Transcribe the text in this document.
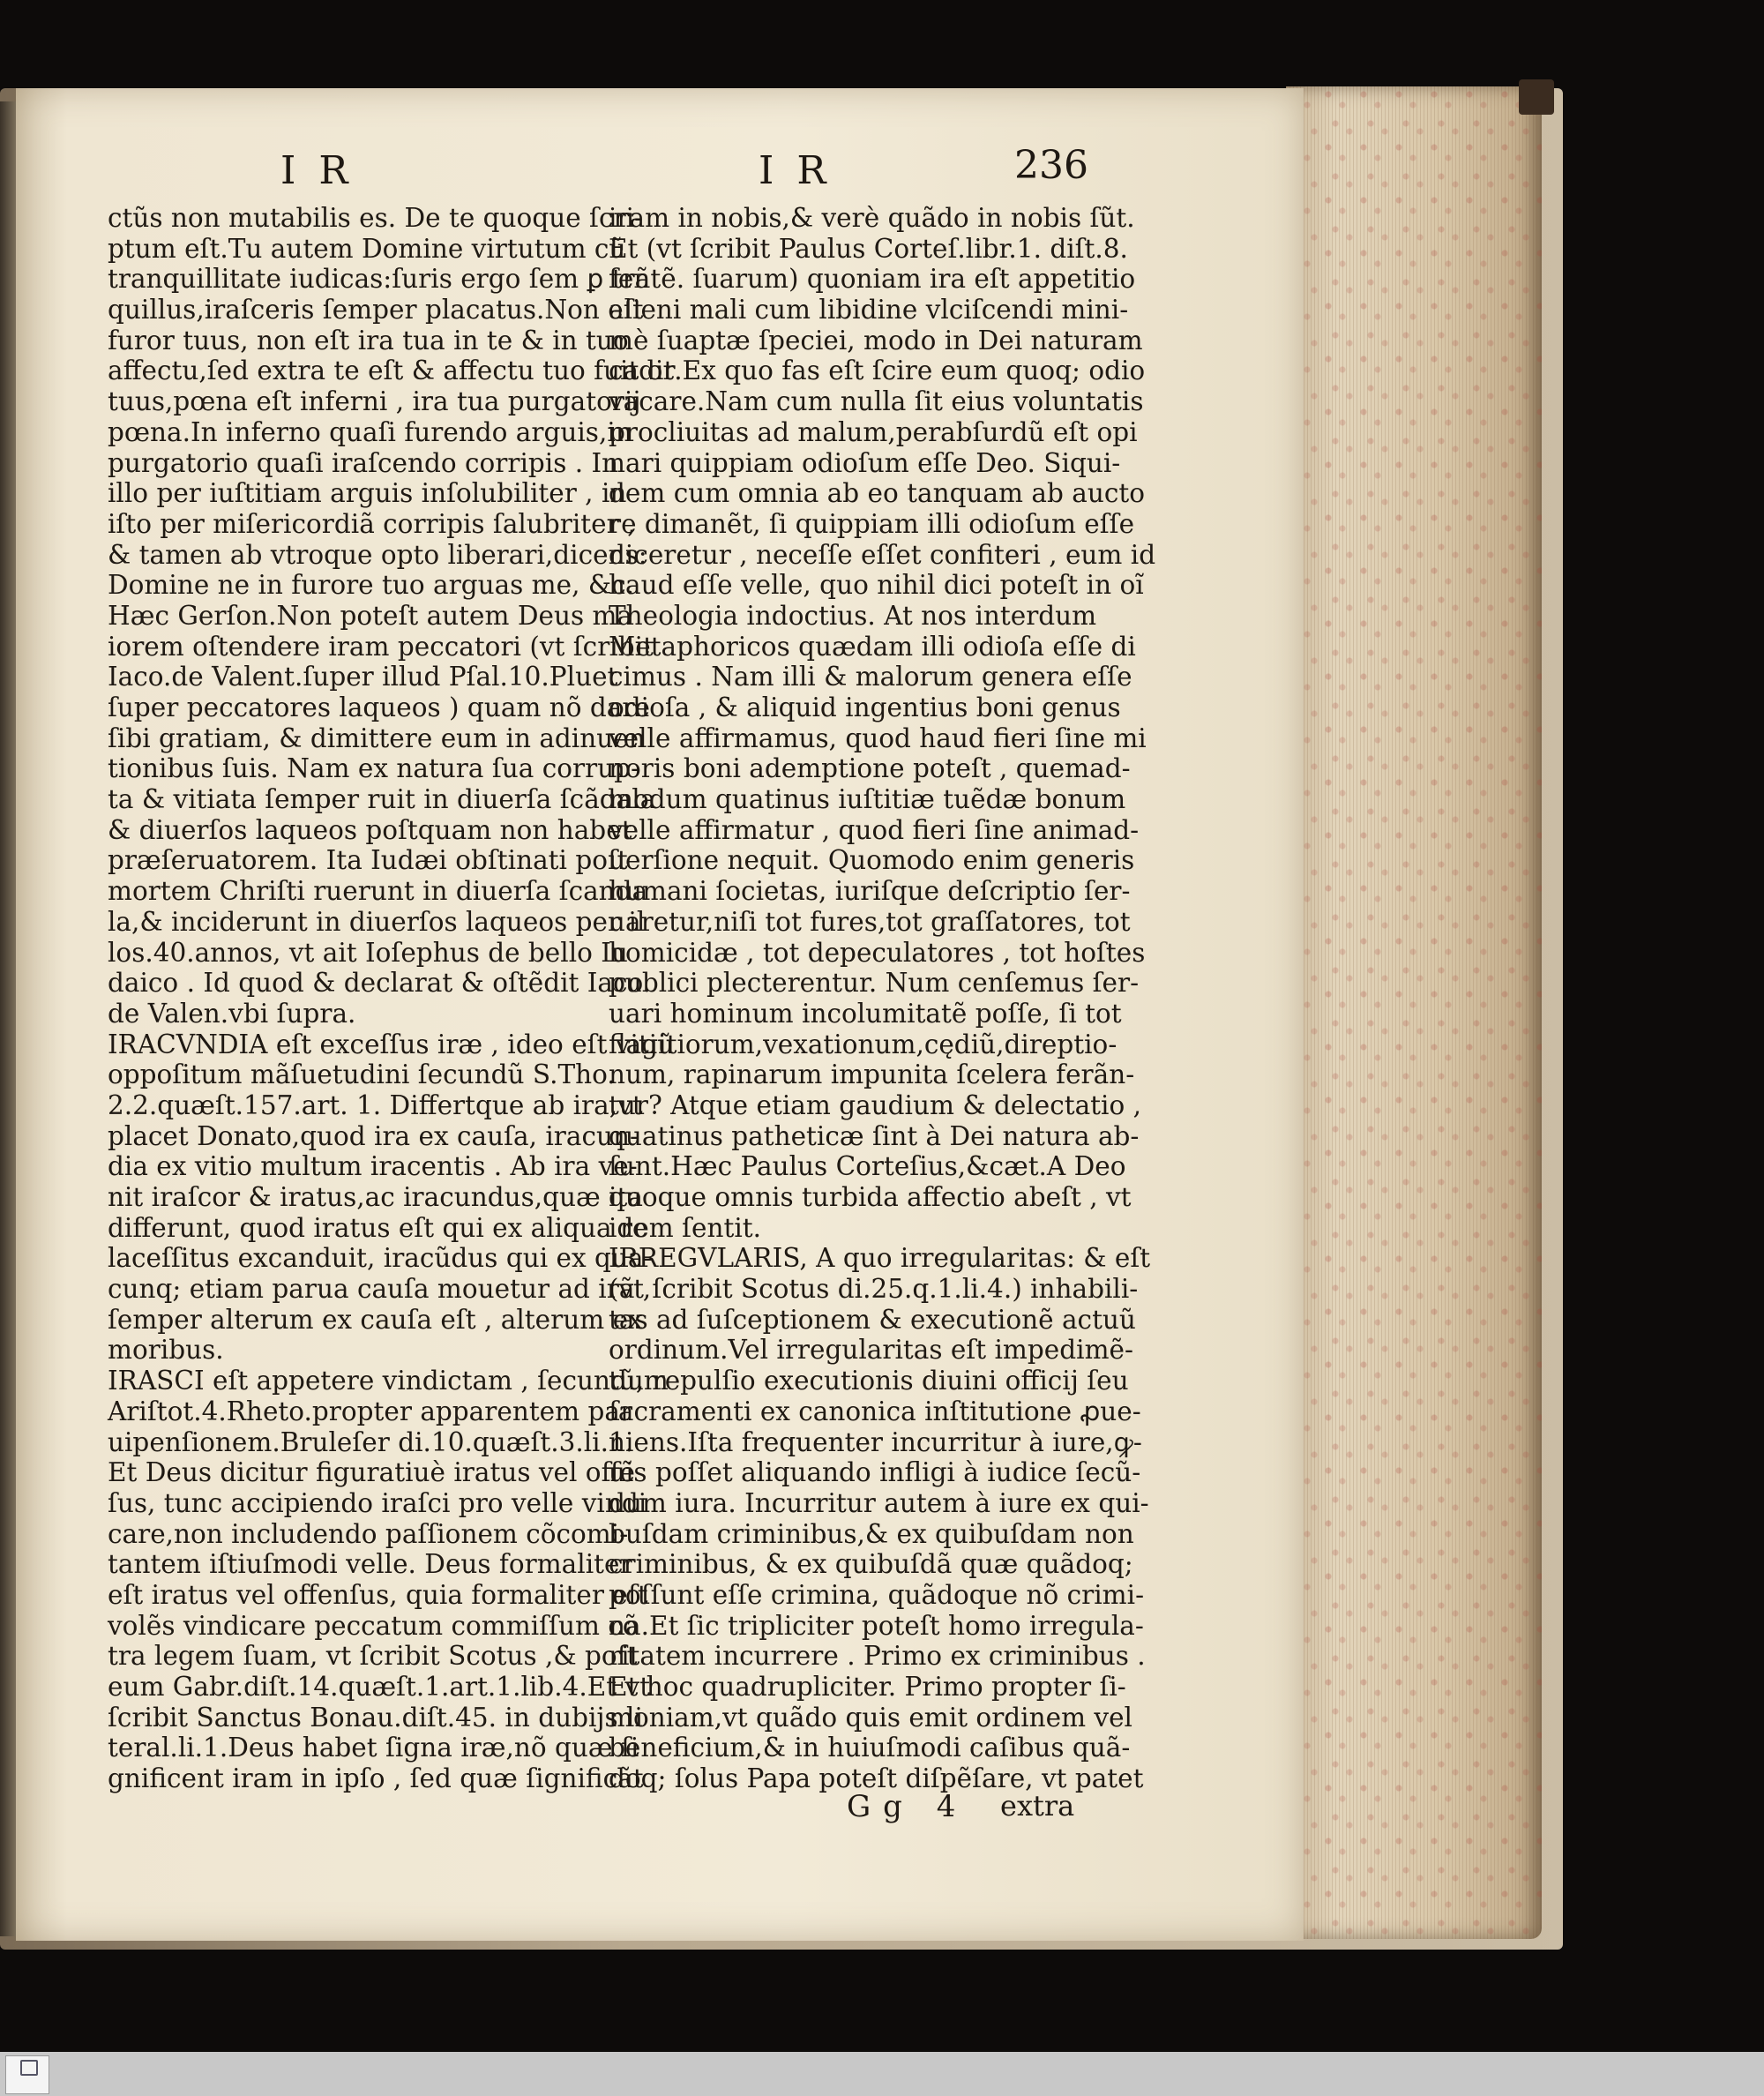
I R	I R	236
ctũs non mutabilis es. De te quoque ſcri-
ptum eſt.Tu autem Domine virtutum cũ
tranquillitate iudicas:ſuris ergo ſem ꝑ trã
quillus,iraſceris ſemper placatus.Non eſt
furor tuus, non eſt ira tua in te & in tuo
affectu,ſed extra te eſt & affectu tuo fuit or
tuus,pœna eſt inferni , ira tua purgatorij
pœna.In inferno quaſi furendo arguis,in
purgatorio quaſi iraſcendo corripis . In
illo per iuſtitiam arguis inſolubiliter , in
iſto per miſericordiã corripis ſalubriter ,
& tamen ab vtroque opto liberari,dicens:
Domine ne in furore tuo arguas me, &c.
Hæc Gerſon.Non poteſt autem Deus ma
iorem oſtendere iram peccatori (vt ſcribit
Iaco.de Valent.ſuper illud Pſal.10.Pluet
ſuper peccatores laqueos ) quam nõ dare
ſibi gratiam, & dimittere eum in adinuen
tionibus ſuis. Nam ex natura ſua corrup-
ta & vitiata ſemper ruit in diuerſa ſcãdala
& diuerſos laqueos poſtquam non habet
præſeruatorem. Ita Iudæi obſtinati poſt
mortem Chriſti ruerunt in diuerſa ſcanda
la,& inciderunt in diuerſos laqueos per il
los.40.annos, vt ait Ioſephus de bello Iu
daico . Id quod & declarat & oſtẽdit Iaco.
de Valen.vbi ſupra.
IRACVNDIA eſt exceſſus iræ , ideo eſt vitiũ
oppoſitum mãſuetudini ſecundũ S.Tho.
2.2.quæſt.157.art. 1. Differtque ab ira,vt
placet Donato,quod ira ex cauſa, iracun-
dia ex vitio multum iracentis . Ab ira ve-
nit iraſcor & iratus,ac iracundus,quæ ita
differunt, quod iratus eſt qui ex aliqua re
laceſſitus excanduit, iracũdus qui ex qua-
cunq; etiam parua cauſa mouetur ad irã ,
ſemper alterum ex cauſa eſt , alterum ex
moribus.
IRASCI eſt appetere vindictam , ſecundum
Ariſtot.4.Rheto.propter apparentem par
uipenſionem.Bruleſer di.10.quæſt.3.li.1.
Et Deus dicitur figuratiuè iratus vel offẽ
ſus, tunc accipiendo iraſci pro velle vindi
care,non includendo paſſionem cõcomi-
tantem iſtiuſmodi velle. Deus formaliter
eſt iratus vel offenſus, quia formaliter eſt
volẽs vindicare peccatum commiſſum cõ
tra legem ſuam, vt ſcribit Scotus ,& poſt
eum Gabr.diſt.14.quæſt.1.art.1.lib.4.Et vt
ſcribit Sanctus Bonau.diſt.45. in dubijs li
teral.li.1.Deus habet ſigna iræ,nõ quæ ſi
gnificent iram in ipſo , ſed quæ ſignificãt
iram in nobis,& verè quãdo in nobis ſũt.
Et (vt ſcribit Paulus Corteſ.libr.1. diſt.8.
ſentẽ. ſuarum) quoniam ira eſt appetitio
alieni mali cum libidine vlciſcendi mini-
mè ſuaptæ ſpeciei, modo in Dei naturam
cadit.Ex quo fas eſt ſcire eum quoq; odio
vacare.Nam cum nulla ſit eius voluntatis
procliuitas ad malum,perabſurdũ eſt opi
nari quippiam odioſum eſſe Deo. Siqui-
dem cum omnia ab eo tanquam ab aucto
re dimanẽt, ſi quippiam illi odioſum eſſe
diceretur , neceſſe eſſet confiteri , eum id
haud eſſe velle, quo nihil dici poteſt in oĩ
Theologia indoctius. At nos interdum
Metaphoricos quædam illi odioſa eſſe di
cimus . Nam illi & malorum genera eſſe
odioſa , & aliquid ingentius boni genus
velle affirmamus, quod haud fieri ſine mi
noris boni ademptione poteſt , quemad-
modum quatinus iuſtitiæ tuẽdæ bonum
velle affirmatur , quod fieri ſine animad-
uerſione nequit. Quomodo enim generis
humani ſocietas, iuriſque deſcriptio ſer-
uaretur,niſi tot fures,tot graſſatores, tot
homicidæ , tot depeculatores , tot hoſtes
publici plecterentur. Num cenſemus ſer-
uari hominum incolumitatẽ poſſe, ſi tot
flagitiorum,vexationum,cędiũ,direptio-
num, rapinarum impunita ſcelera ferãn-
tur? Atque etiam gaudium & delectatio ,
quatinus patheticæ ſint à Dei natura ab-
ſunt.Hæc Paulus Corteſius,&cæt.A Deo
quoque omnis turbida affectio abeſt , vt
idem ſentit.
IRREGVLARIS, A quo irregularitas: & eſt
(vt ſcribit Scotus di.25.q.1.li.4.) inhabili-
tas ad ſuſceptionem & executionẽ actuũ
ordinum.Vel irregularitas eſt impedimẽ-
tũ, repulſio executionis diuini officij ſeu
ſacramenti ex canonica inſtitutione ꝓue-
niens.Iſta frequenter incurritur à iure,ꝙ-
uis poſſet aliquando infligi à iudice ſecũ-
dum iura. Incurritur autem à iure ex qui-
buſdam criminibus,& ex quibuſdam non
criminibus, & ex quibuſdã quæ quãdoq;
poſſunt eſſe crimina, quãdoque nõ crimi-
na.Et ſic tripliciter poteſt homo irregula-
ritatem incurrere . Primo ex criminibus .
Et hoc quadrupliciter. Primo propter ſi-
moniam,vt quãdo quis emit ordinem vel
beneficium,& in huiuſmodi caſibus quã-
doq; ſolus Papa poteſt diſpẽſare, vt patet
Gg 4 extra
